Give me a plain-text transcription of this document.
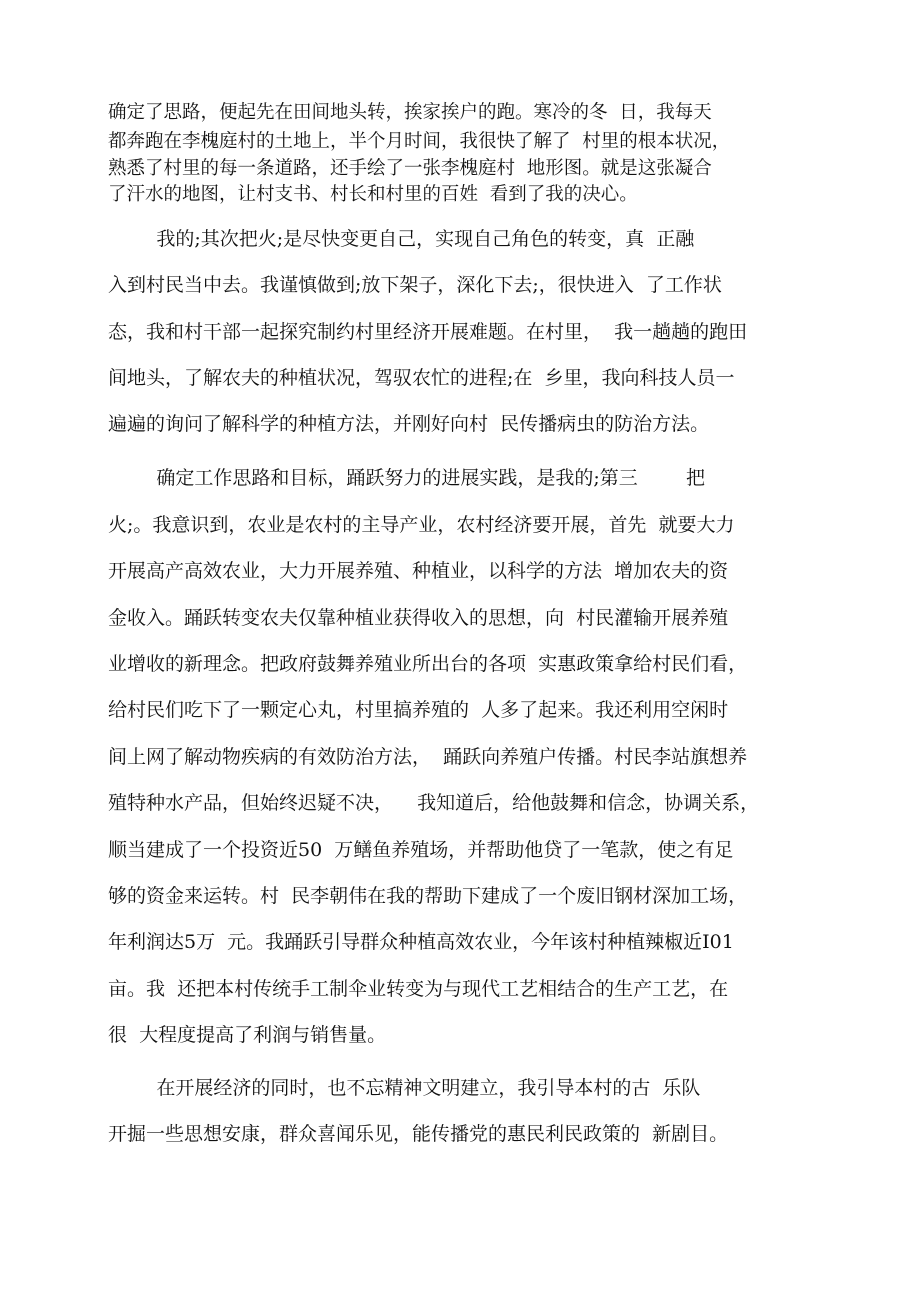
确定了思路，便起先在田间地头转，挨家挨户的跑。寒冷的冬  日，我每天
都奔跑在李槐庭村的土地上，半个月时间，我很快了解了  村里的根本状况，
熟悉了村里的每一条道路，还手绘了一张李槐庭村  地形图。就是这张凝合
了汗水的地图，让村支书、村长和村里的百姓  看到了我的决心。
我的;其次把火;是尽快变更自己，实现自己角色的转变，真  正融
入到村民当中去。我谨慎做到;放下架子，深化下去;，很快进入  了工作状
态，我和村干部一起探究制约村里经济开展难题。在村里，  我一趟趟的跑田
间地头，了解农夫的种植状况，驾驭农忙的进程;在  乡里，我向科技人员一
遍遍的询问了解科学的种植方法，并刚好向村  民传播病虫的防治方法。
确定工作思路和目标，踊跃努力的进展实践，是我的;第三        把
火;。我意识到，农业是农村的主导产业，农村经济要开展，首先  就要大力
开展高产高效农业，大力开展养殖、种植业，以科学的方法  增加农夫的资
金收入。踊跃转变农夫仅靠种植业获得收入的思想，向  村民灌输开展养殖
业增收的新理念。把政府鼓舞养殖业所出台的各项  实惠政策拿给村民们看，
给村民们吃下了一颗定心丸，村里搞养殖的  人多了起来。我还利用空闲时
间上网了解动物疾病的有效防治方法，  踊跃向养殖户传播。村民李站旗想养
殖特种水产品，但始终迟疑不决，    我知道后，给他鼓舞和信念，协调关系，
顺当建成了一个投资近50  万鳝鱼养殖场，并帮助他贷了一笔款，使之有足
够的资金来运转。村  民李朝伟在我的帮助下建成了一个废旧钢材深加工场，
年利润达5万  元。我踊跃引导群众种植高效农业，今年该村种植辣椒近I01
亩。我  还把本村传统手工制伞业转变为与现代工艺相结合的生产工艺，在
很  大程度提高了利润与销售量。
在开展经济的同时，也不忘精神文明建立，我引导本村的古  乐队
开掘一些思想安康，群众喜闻乐见，能传播党的惠民利民政策的  新剧目。
